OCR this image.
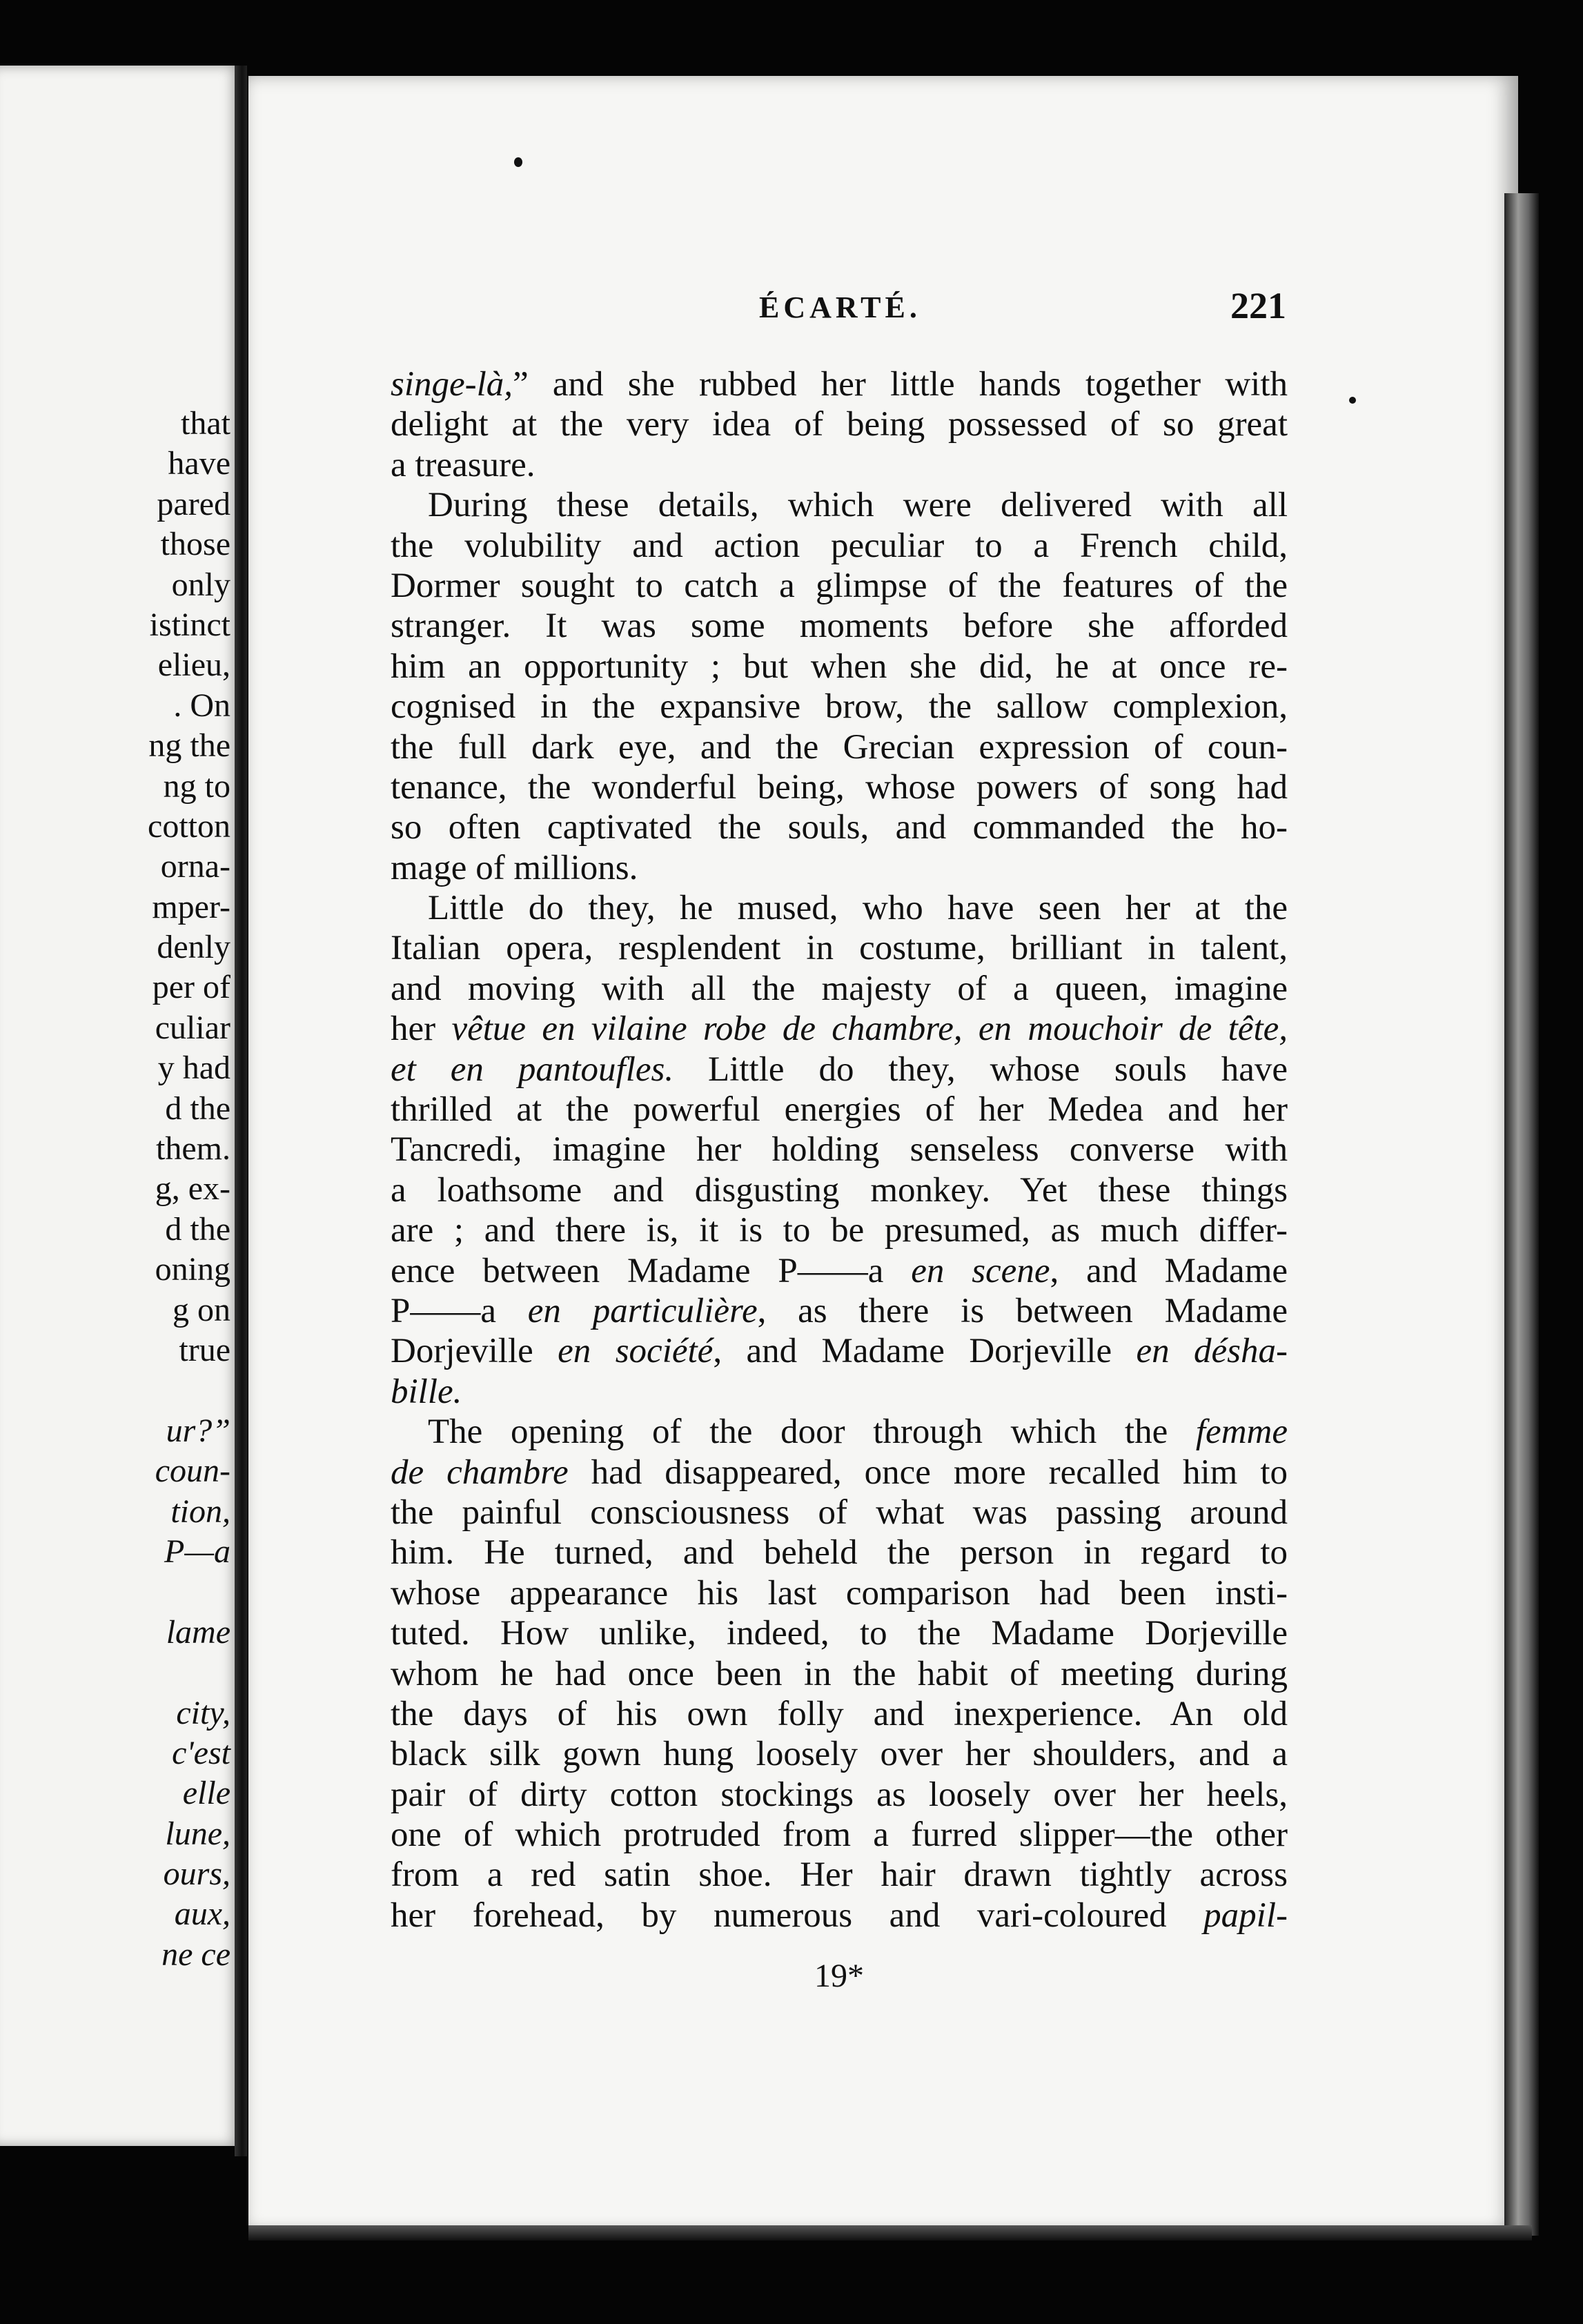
that
have
pared
those
only
istinct
elieu,
. On
ng the
ng to
cotton
orna-
mper-
denly
per of
culiar
y had
d the
them.
g, ex-
d the
oning
g on
true
ur?”
coun-
tion,
P—a
lame
city,
c'est
elle
lune,
ours,
aux,
ne ce
ÉCARTÉ.	221
singe-là,” and she rubbed her little hands together with
delight at the very idea of being possessed of so great
a treasure.
During these details, which were delivered with all
the volubility and action peculiar to a French child,
Dormer sought to catch a glimpse of the features of the
stranger. It was some moments before she afforded
him an opportunity ; but when she did, he at once re-
cognised in the expansive brow, the sallow complexion,
the full dark eye, and the Grecian expression of coun-
tenance, the wonderful being, whose powers of song had
so often captivated the souls, and commanded the ho-
mage of millions.
Little do they, he mused, who have seen her at the
Italian opera, resplendent in costume, brilliant in talent,
and moving with all the majesty of a queen, imagine
her vêtue en vilaine robe de chambre, en mouchoir de tête,
et en pantoufles. Little do they, whose souls have
thrilled at the powerful energies of her Medea and her
Tancredi, imagine her holding senseless converse with
a loathsome and disgusting monkey. Yet these things
are ; and there is, it is to be presumed, as much differ-
ence between Madame P——a en scene, and Madame
P——a en particulière, as there is between Madame
Dorjeville en société, and Madame Dorjeville en désha-
bille.
The opening of the door through which the femme
de chambre had disappeared, once more recalled him to
the painful consciousness of what was passing around
him. He turned, and beheld the person in regard to
whose appearance his last comparison had been insti-
tuted. How unlike, indeed, to the Madame Dorjeville
whom he had once been in the habit of meeting during
the days of his own folly and inexperience. An old
black silk gown hung loosely over her shoulders, and a
pair of dirty cotton stockings as loosely over her heels,
one of which protruded from a furred slipper—the other
from a red satin shoe. Her hair drawn tightly across
her forehead, by numerous and vari-coloured papil-
19*
